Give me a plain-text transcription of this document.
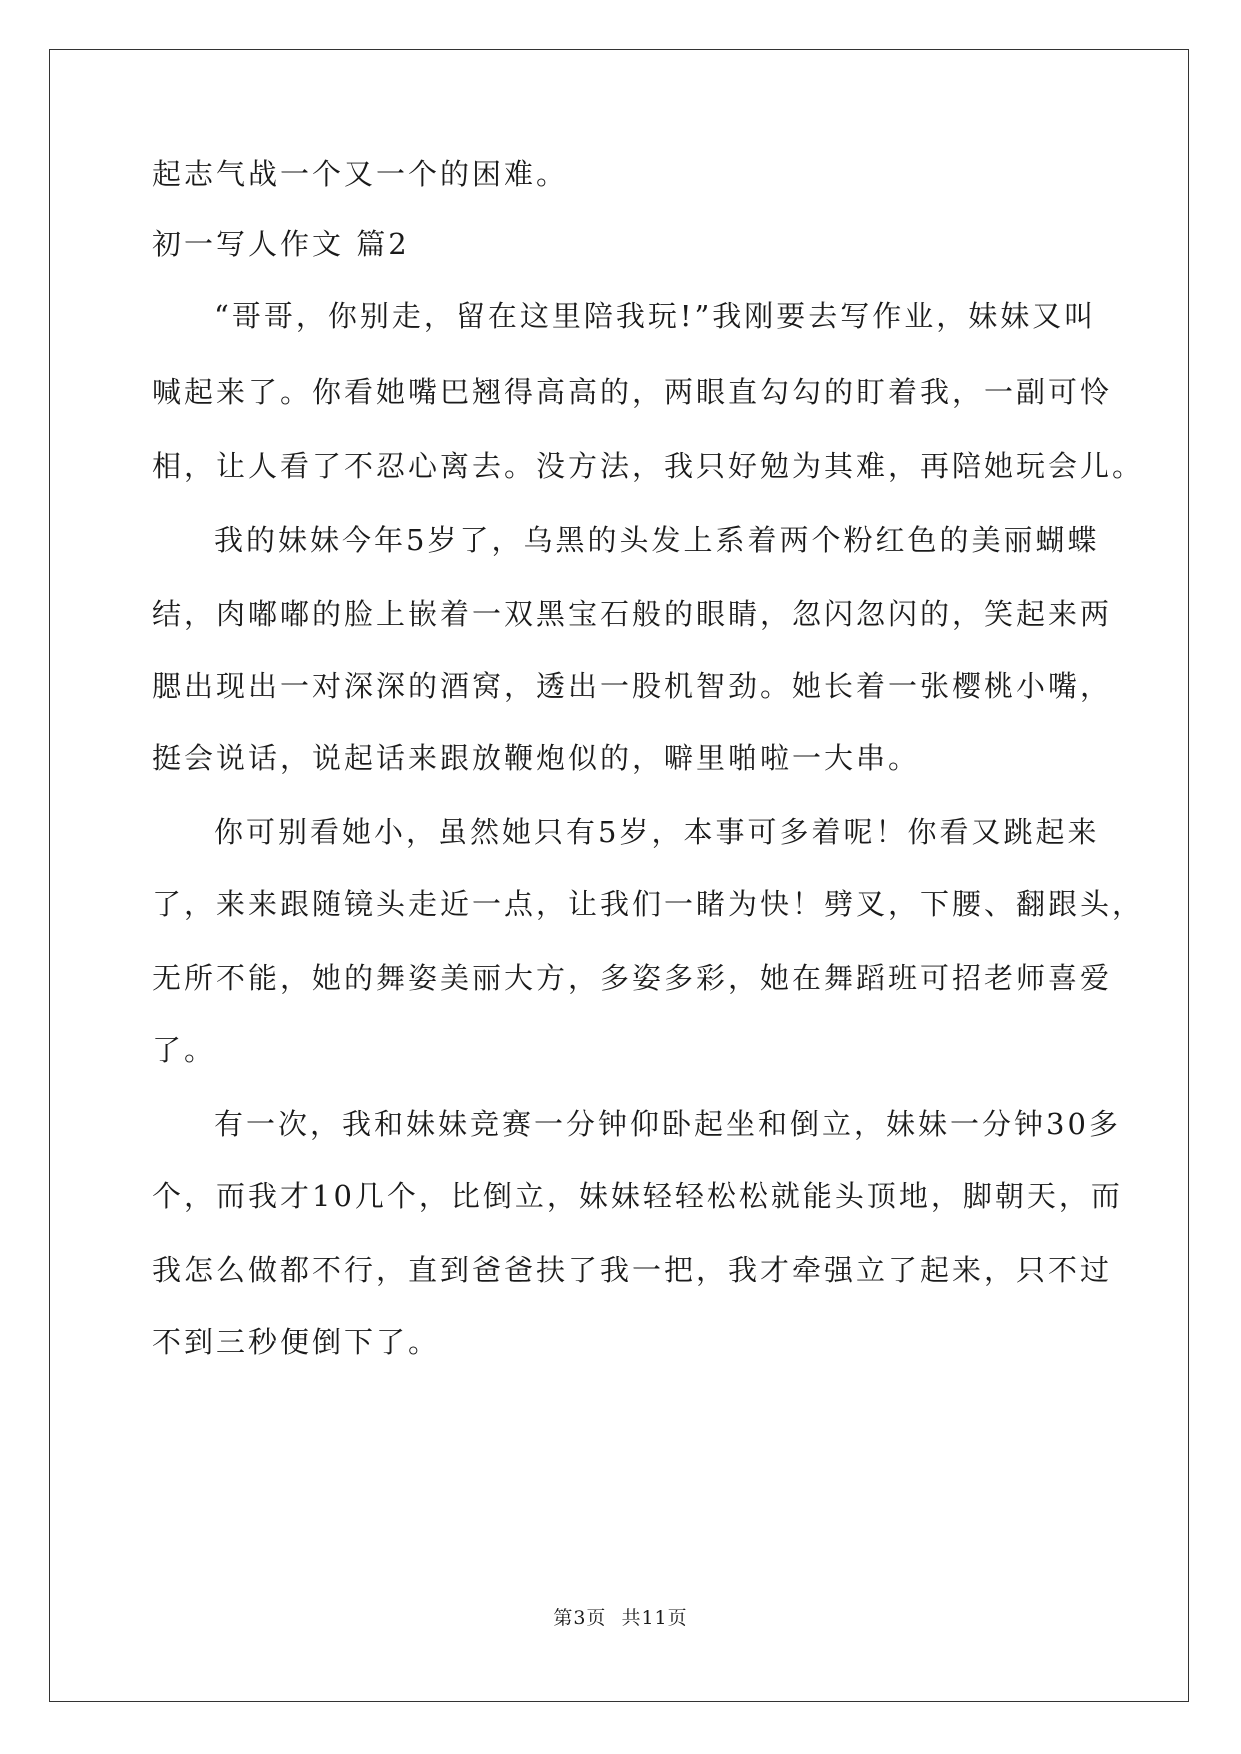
起志气战一个又一个的困难。
初一写人作文 篇2
“哥哥，你别走，留在这里陪我玩!”我刚要去写作业，妹妹又叫
喊起来了。你看她嘴巴翘得高高的，两眼直勾勾的盯着我，一副可怜
相，让人看了不忍心离去。没方法，我只好勉为其难，再陪她玩会儿。
我的妹妹今年5岁了，乌黑的头发上系着两个粉红色的美丽蝴蝶
结，肉嘟嘟的脸上嵌着一双黑宝石般的眼睛，忽闪忽闪的，笑起来两
腮出现出一对深深的酒窝，透出一股机智劲。她长着一张樱桃小嘴，
挺会说话，说起话来跟放鞭炮似的，噼里啪啦一大串。
你可别看她小，虽然她只有5岁，本事可多着呢！你看又跳起来
了，来来跟随镜头走近一点，让我们一睹为快！劈叉，下腰、翻跟头，
无所不能，她的舞姿美丽大方，多姿多彩，她在舞蹈班可招老师喜爱
了。
有一次，我和妹妹竞赛一分钟仰卧起坐和倒立，妹妹一分钟30多
个，而我才10几个，比倒立，妹妹轻轻松松就能头顶地，脚朝天，而
我怎么做都不行，直到爸爸扶了我一把，我才牵强立了起来，只不过
不到三秒便倒下了。
第3页 共11页
